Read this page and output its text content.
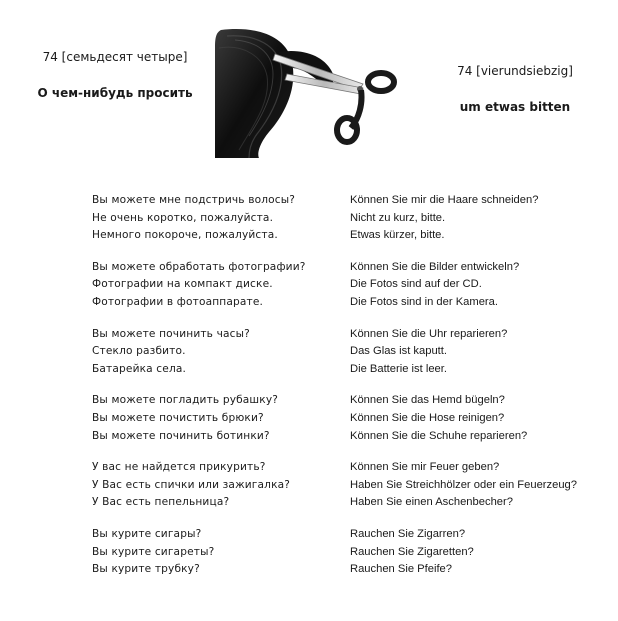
74 [семьдесят четыре]
О чем-нибудь просить
74 [vierundsiebzig]
um etwas bitten
Вы можете мне подстричь волосы?	Können Sie mir die Haare schneiden?
Не очень коротко, пожалуйста.	Nicht zu kurz, bitte.
Немного покороче, пожалуйста.	Etwas kürzer, bitte.
Вы можете обработать фотографии?	Können Sie die Bilder entwickeln?
Фотографии на компакт диске.	Die Fotos sind auf der CD.
Фотографии в фотоаппарате.	Die Fotos sind in der Kamera.
Вы можете починить часы?	Können Sie die Uhr reparieren?
Стекло разбито.	Das Glas ist kaputt.
Батарейка села.	Die Batterie ist leer.
Вы можете погладить рубашку?	Können Sie das Hemd bügeln?
Вы можете почистить брюки?	Können Sie die Hose reinigen?
Вы можете починить ботинки?	Können Sie die Schuhe reparieren?
У вас не найдется прикурить?	Können Sie mir Feuer geben?
У Вас есть спички или зажигалка?	Haben Sie Streichhölzer oder ein Feuerzeug?
У Вас есть пепельница?	Haben Sie einen Aschenbecher?
Вы курите сигары?	Rauchen Sie Zigarren?
Вы курите сигареты?	Rauchen Sie Zigaretten?
Вы курите трубку?	Rauchen Sie Pfeife?
